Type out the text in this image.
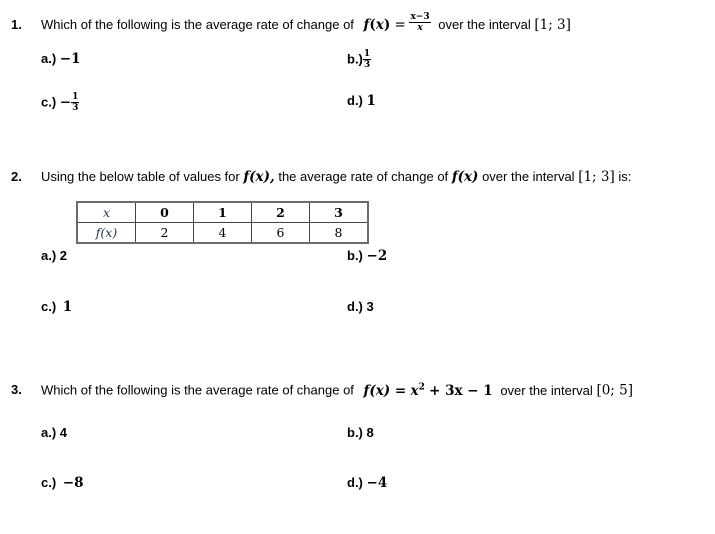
1. Which of the following is the average rate of change of $f(x) = \frac{x-3}{x}$ over the interval [1; 3]
a.) −1	$b.) \frac{1}{3}$
$c.) - \frac{1}{3}$	d.) 1
2. Using the below table of values for f(x), the average rate of change of f(x) over the interval [1; 3] is:
x	0	1	2	3
f(x)	2	4	6	8
a.) 2	b.) −2
c.) 1	d.) 3
3. Which of the following is the average rate of change of $f(x) = x^2 + 3x - 1$ over the interval [0; 5]
a.) 4	b.) 8
c.) −8	d.) −4
